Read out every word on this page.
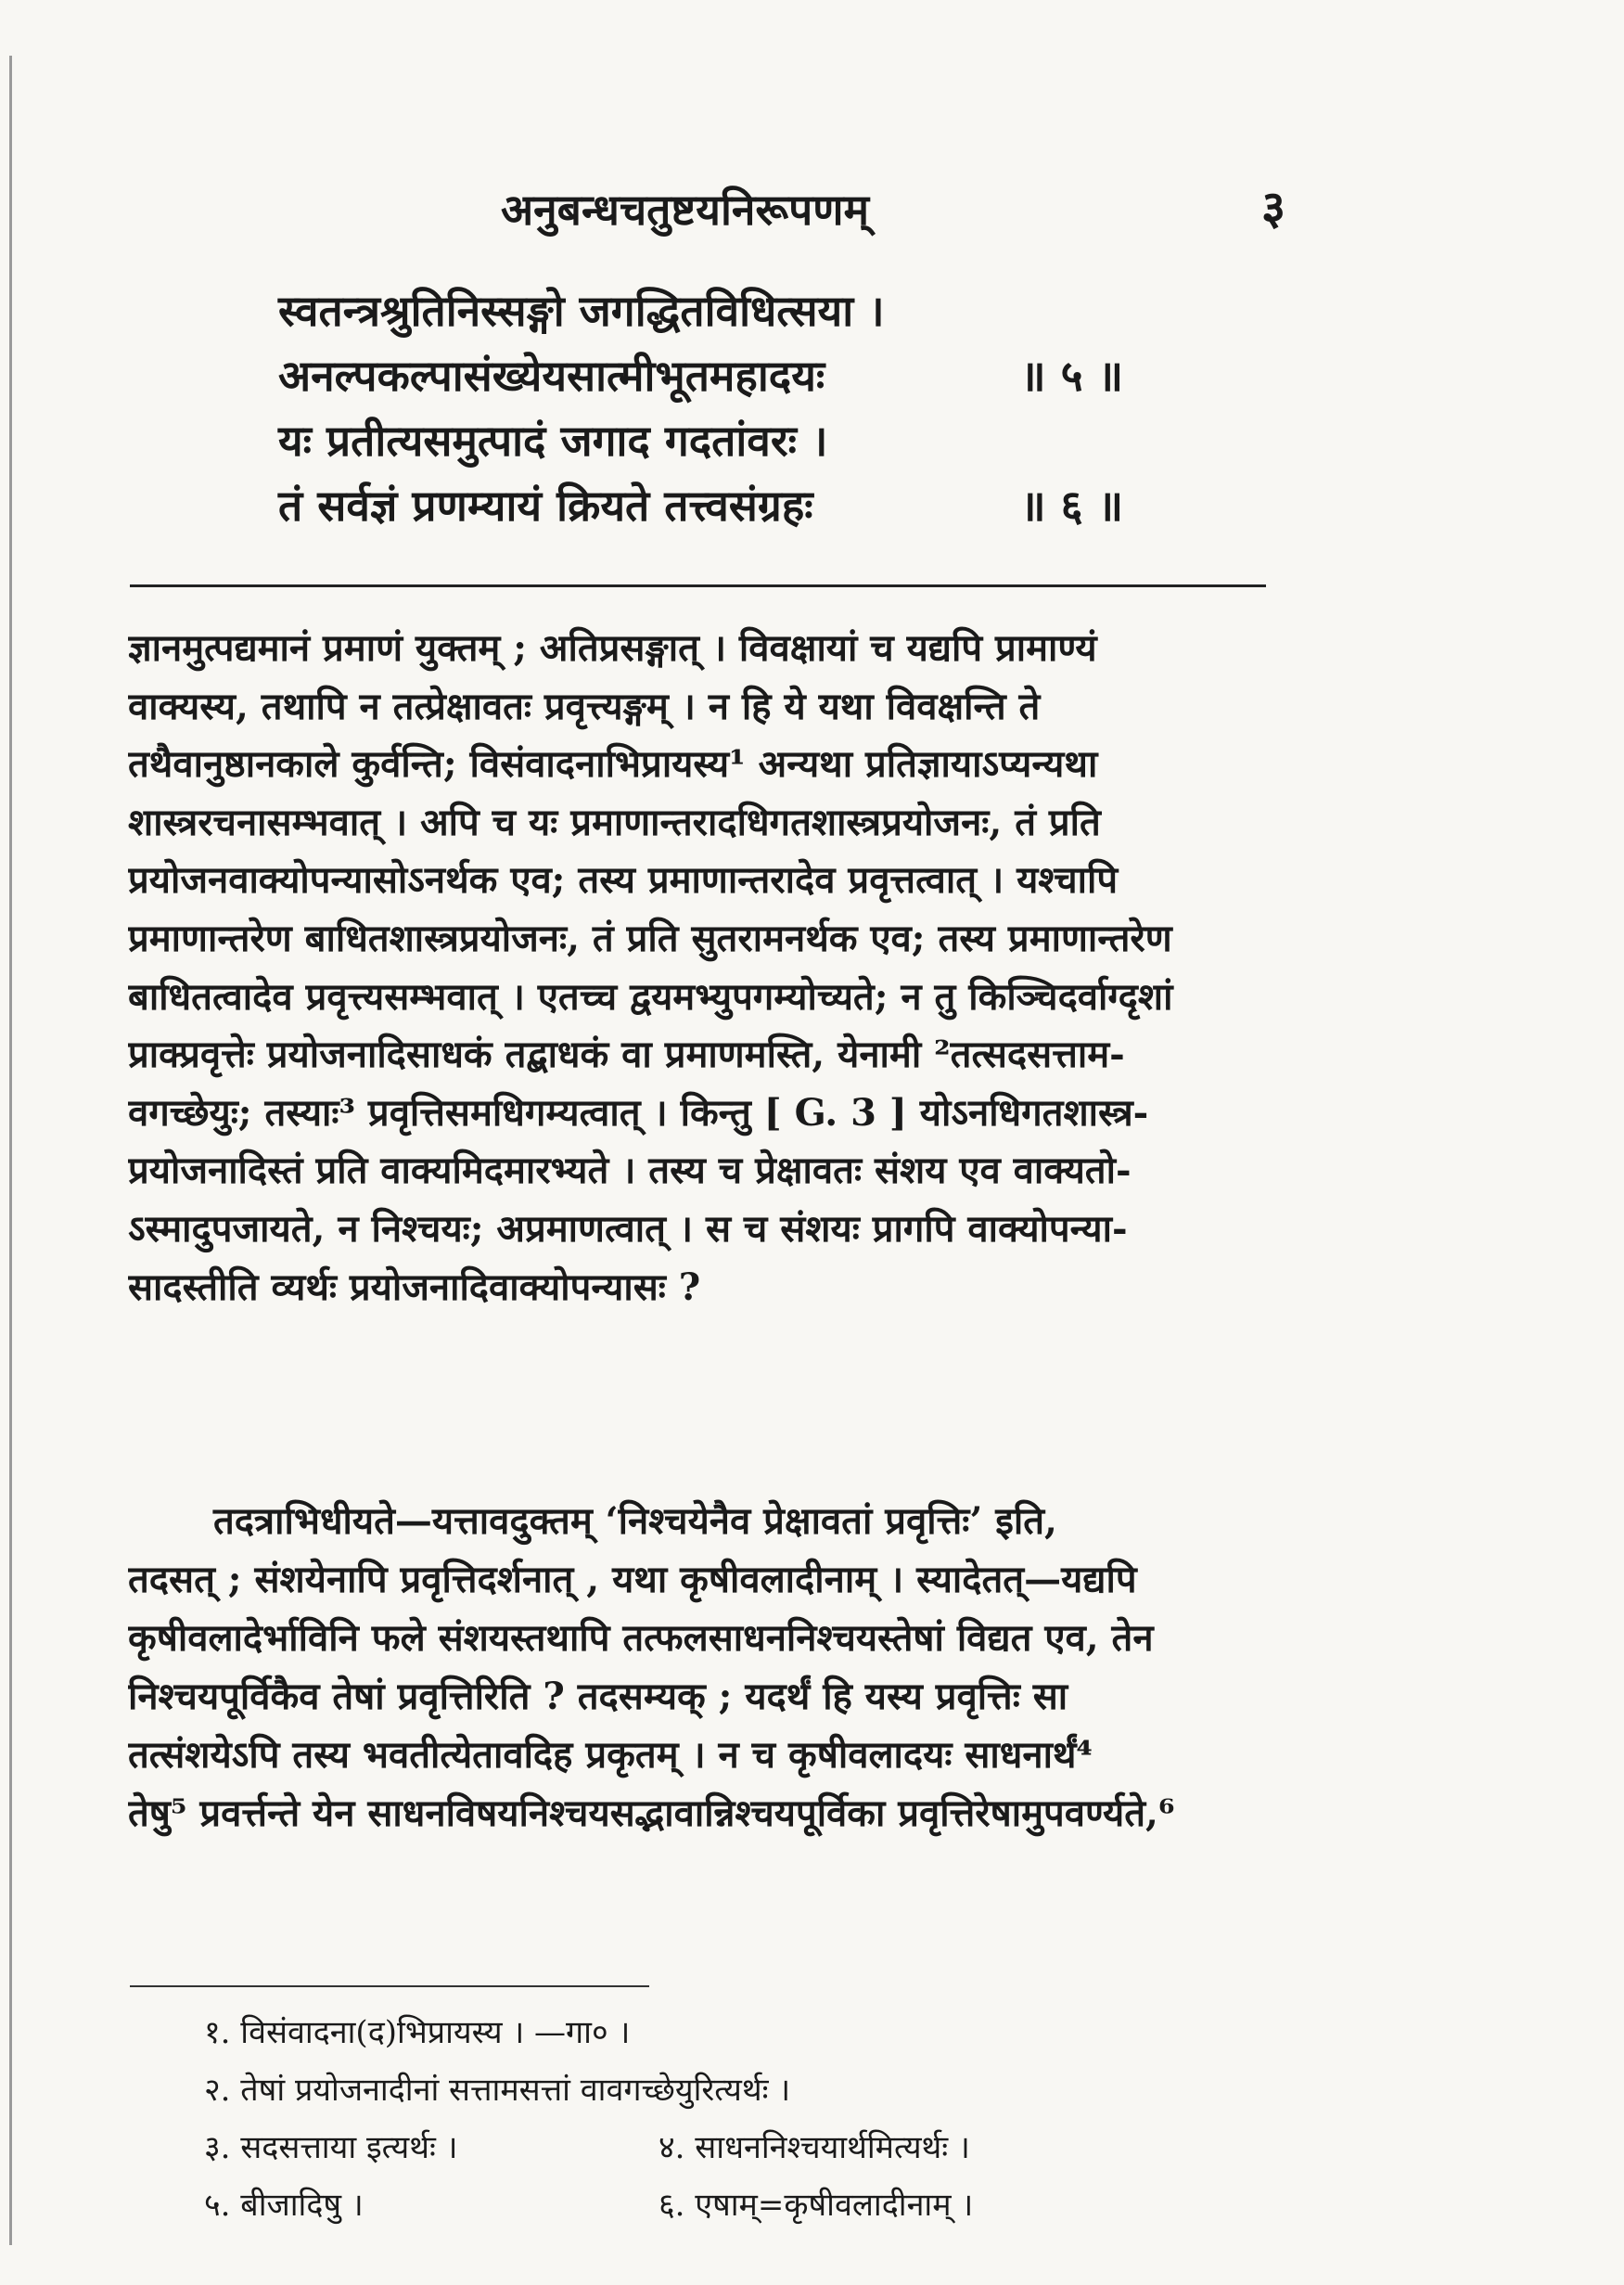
अनुबन्धचतुष्टयनिरूपणम्	३
स्वतन्त्रश्रुतिनिस्सङ्गो जगद्धितविधित्सया ।
अनल्पकल्पासंख्येयसात्मीभूतमहादयः	॥ ५ ॥
यः प्रतीत्यसमुत्पादं जगाद गदतांवरः ।
तं सर्वज्ञं प्रणम्यायं क्रियते तत्त्वसंग्रहः	॥ ६ ॥
ज्ञानमुत्पद्यमानं प्रमाणं युक्तम् ; अतिप्रसङ्गात् । विवक्षायां च यद्यपि प्रामाण्यं
वाक्यस्य, तथापि न तत्प्रेक्षावतः प्रवृत्त्यङ्गम् । न हि ये यथा विवक्षन्ति ते
तथैवानुष्ठानकाले कुर्वन्ति; विसंवादनाभिप्रायस्य¹ अन्यथा प्रतिज्ञायाऽप्यन्यथा
शास्त्ररचनासम्भवात् । अपि च यः प्रमाणान्तरादधिगतशास्त्रप्रयोजनः, तं प्रति
प्रयोजनवाक्योपन्यासोऽनर्थक एव; तस्य प्रमाणान्तरादेव प्रवृत्तत्वात् । यश्चापि
प्रमाणान्तरेण बाधितशास्त्रप्रयोजनः, तं प्रति सुतरामनर्थक एव; तस्य प्रमाणान्तरेण
बाधितत्वादेव प्रवृत्त्यसम्भवात् । एतच्च द्वयमभ्युपगम्योच्यते; न तु किञ्चिदर्वाग्दृशां
प्राक्प्रवृत्तेः प्रयोजनादिसाधकं तद्बाधकं वा प्रमाणमस्ति, येनामी ²तत्सदसत्ताम-
वगच्छेयुः; तस्याः³ प्रवृत्तिसमधिगम्यत्वात् । किन्तु [ G. 3 ] योऽनधिगतशास्त्र-
प्रयोजनादिस्तं प्रति वाक्यमिदमारभ्यते । तस्य च प्रेक्षावतः संशय एव वाक्यतो-
ऽस्मादुपजायते, न निश्चयः; अप्रमाणत्वात् । स च संशयः प्रागपि वाक्योपन्या-
सादस्तीति व्यर्थः प्रयोजनादिवाक्योपन्यासः ?
तदत्राभिधीयते—यत्तावदुक्तम् ‘निश्चयेनैव प्रेक्षावतां प्रवृत्तिः’ इति,
तदसत् ; संशयेनापि प्रवृत्तिदर्शनात् , यथा कृषीवलादीनाम् । स्यादेतत्—यद्यपि
कृषीवलादेर्भाविनि फले संशयस्तथापि तत्फलसाधननिश्चयस्तेषां विद्यत एव, तेन
निश्चयपूर्विकैव तेषां प्रवृत्तिरिति ? तदसम्यक् ; यदर्थं हि यस्य प्रवृत्तिः सा
तत्संशयेऽपि तस्य भवतीत्येतावदिह प्रकृतम् । न च कृषीवलादयः साधनार्थं⁴
तेषु⁵ प्रवर्त्तन्ते येन साधनविषयनिश्चयसद्भावान्निश्चयपूर्विका प्रवृत्तिरेषामुपवर्ण्यते,⁶
१. विसंवादना(द)भिप्रायस्य । —गा० ।
२. तेषां प्रयोजनादीनां सत्तामसत्तां वावगच्छेयुरित्यर्थः ।
३. सदसत्ताया इत्यर्थः ।	४. साधननिश्चयार्थमित्यर्थः ।
५. बीजादिषु ।	६. एषाम्=कृषीवलादीनाम् ।
